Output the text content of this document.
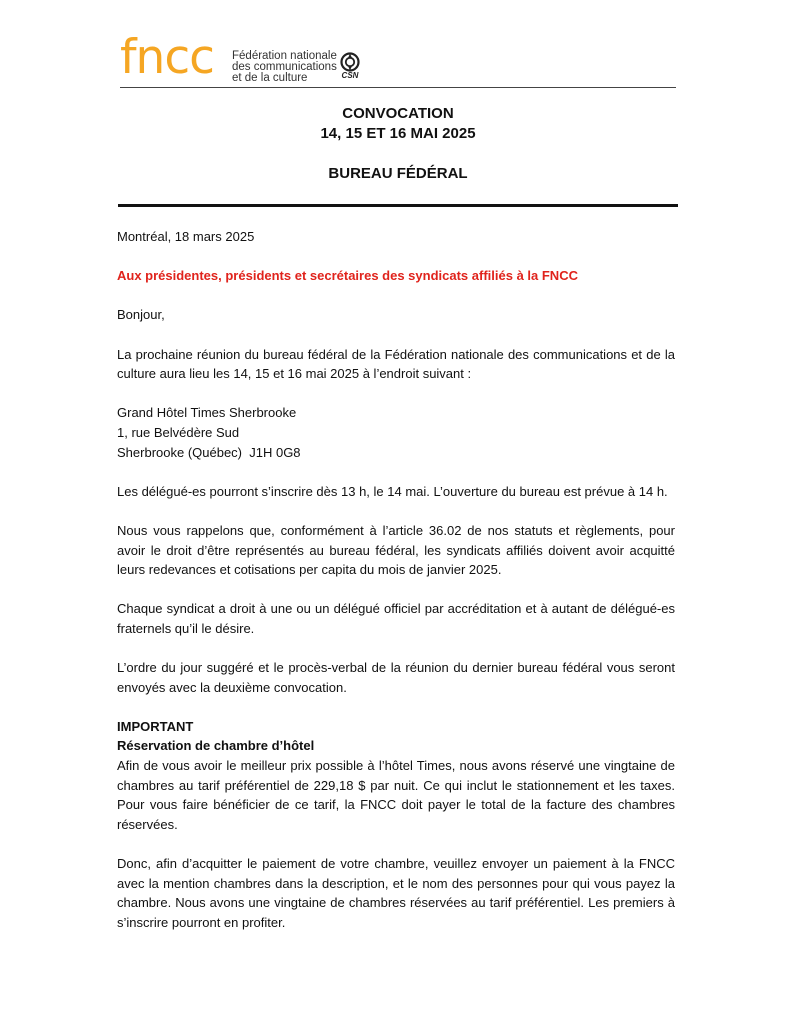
fncc Fédération nationale
des communications
et de la culture	CSN
CONVOCATION
14, 15 ET 16 MAI 2025
BUREAU FÉDÉRAL

Montréal, 18 mars 2025

Aux présidentes, présidents et secrétaires des syndicats affiliés à la FNCC

Bonjour,

La prochaine réunion du bureau fédéral de la Fédération nationale des communications et de la culture aura lieu les 14, 15 et 16 mai 2025 à l’endroit suivant :

Grand Hôtel Times Sherbrooke
1, rue Belvédère Sud
Sherbrooke (Québec)  J1H 0G8

Les délégué-es pourront s’inscrire dès 13 h, le 14 mai. L’ouverture du bureau est prévue à 14 h.

Nous vous rappelons que, conformément à l’article 36.02 de nos statuts et règlements, pour avoir le droit d’être représentés au bureau fédéral, les syndicats affiliés doivent avoir acquitté leurs redevances et cotisations per capita du mois de janvier 2025.

Chaque syndicat a droit à une ou un délégué officiel par accréditation et à autant de délégué-es fraternels qu’il le désire.

L’ordre du jour suggéré et le procès-verbal de la réunion du dernier bureau fédéral vous seront envoyés avec la deuxième convocation.

IMPORTANT

Réservation de chambre d’hôtel

Afin de vous avoir le meilleur prix possible à l’hôtel Times, nous avons réservé une vingtaine de chambres au tarif préférentiel de 229,18 $ par nuit. Ce qui inclut le stationnement et les taxes. Pour vous faire bénéficier de ce tarif, la FNCC doit payer le total de la facture des chambres réservées.

Donc, afin d’acquitter le paiement de votre chambre, veuillez envoyer un paiement à la FNCC avec la mention chambres dans la description, et le nom des personnes pour qui vous payez la chambre. Nous avons une vingtaine de chambres réservées au tarif préférentiel. Les premiers à s’inscrire pourront en profiter.
